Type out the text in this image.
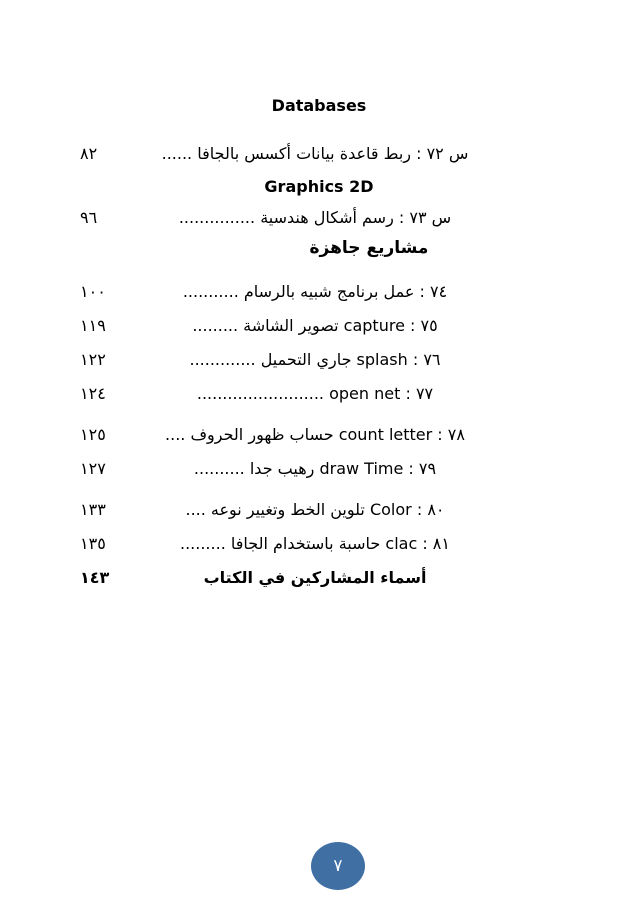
Databases
س ٧٢ : ربط قاعدة بيانات أكسس بالجافا ......
٨٢
Graphics 2D
س ٧٣ : رسم أشكال هندسية ...............
٩٦
مشاريع جاهزة
٧٤ : عمل برنامج شبيه بالرسام ...........
١٠٠
٧٥ : capture تصوير الشاشة .........
١١٩
٧٦ : splash جاري التحميل .............
١٢٢
٧٧ : open net .........................
١٢٤
٧٨ : count letter حساب ظهور الحروف ....
١٢٥
٧٩ : draw Time رهيب جدا ..........
١٢٧
٨٠ : Color تلوين الخط وتغيير نوعه ....
١٣٣
٨١ : clac حاسبة باستخدام الجافا .........
١٣٥
أسماء المشاركين في الكتاب
١٤٣
٧
